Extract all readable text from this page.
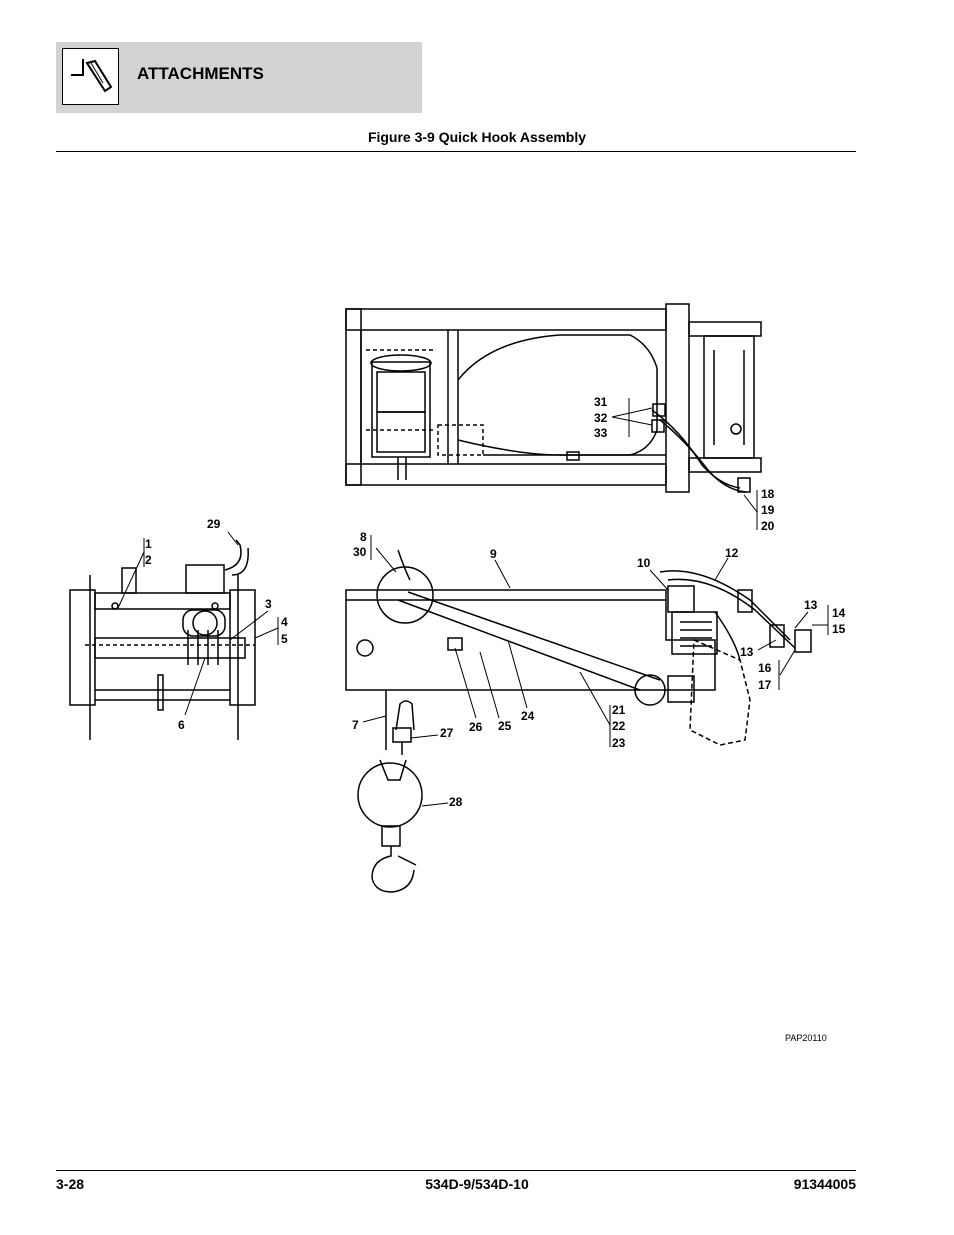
ATTACHMENTS
Figure 3-9 Quick Hook Assembly
1
2
3
4
5
6	7
8
30	9
10
12
13
13
14
15
16
17
18
19
20
21
22
23
24
25
26
27
28
29
31
32
33
PAP20110
3-28	534D-9/534D-10	91344005
